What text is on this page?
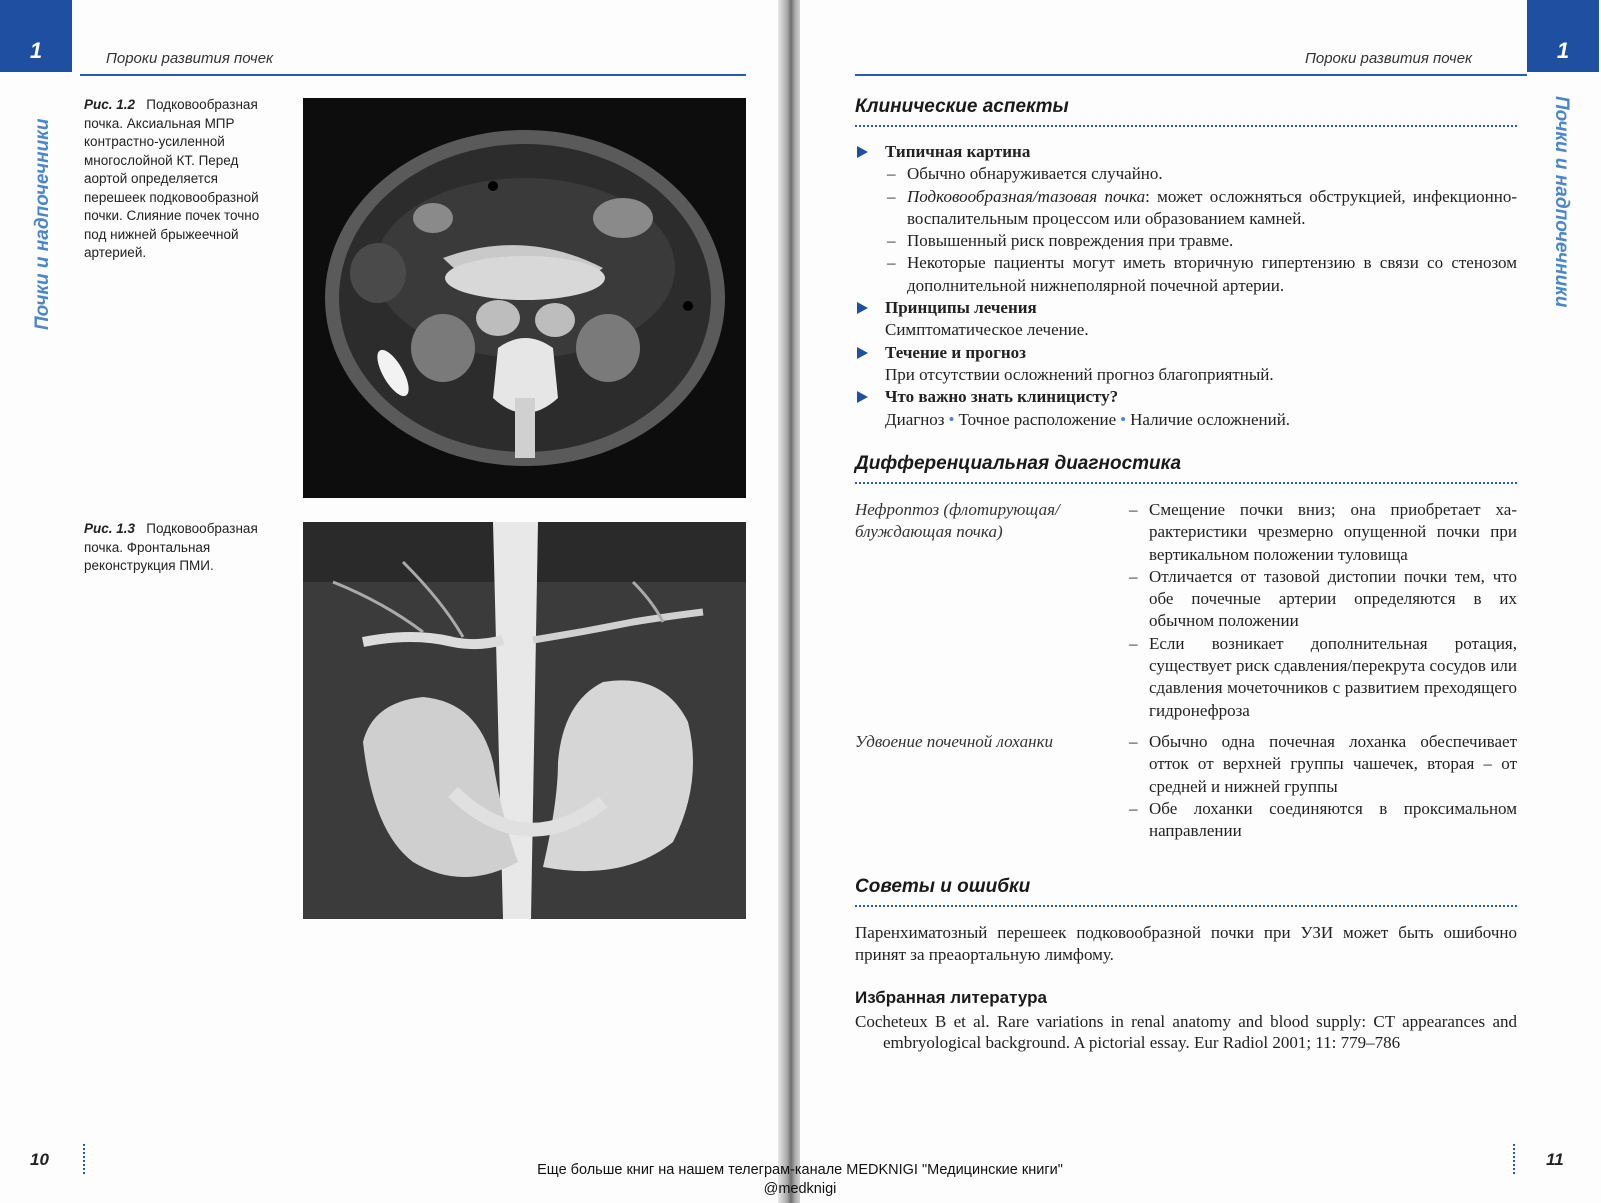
1	Пороки развития почек
Почки и надпочечники
Рис. 1.2 Подковообразная почка. Аксиальная МПР контрастно-усиленной многослойной КТ. Перед аортой определяется перешеек подковообразной почки. Слияние почек точно под нижней брыжеечной артерией.
Рис. 1.3 Подковообразная почка. Фронтальная реконструкция ПМИ.
10
1
Пороки развития почек
Почки и надпочечники
Клинические аспекты
Типичная картина
– Обычно обнаруживается случайно.
– Подковообразная/тазовая почка: может осложняться обструкцией, инфекционно-воспалительным процессом или образованием камней.
– Повышенный риск повреждения при травме.
– Некоторые пациенты могут иметь вторичную гипертензию в связи со стенозом дополнительной нижнеполярной почечной артерии.
Принципы лечения
Симптоматическое лечение.
Течение и прогноз
При отсутствии осложнений прогноз благоприятный.
Что важно знать клиницисту?
Диагноз • Точное расположение • Наличие осложнений.
Дифференциальная диагностика
Нефроптоз (флотирующая/блуждающая почка)
– Смещение почки вниз; она приобретает характеристики чрезмерно опущенной почки при вертикальном положении туловища
– Отличается от тазовой дистопии почки тем, что обе почечные артерии определяются в их обычном положении
– Если возникает дополнительная ротация, существует риск сдавления/перекрута сосудов или сдавления мочеточников с развитием преходящего гидронефроза
Удвоение почечной лоханки
–	Обычно одна почечная лоханка обеспечивает отток от верхней группы чашечек, вторая – от средней и нижней группы
– Обе лоханки соединяются в проксимальном направлении
Советы и ошибки
Паренхиматозный перешеек подковообразной почки при УЗИ может быть ошибочно принят за преаортальную лимфому.
Избранная литература
Cocheteux B et al. Rare variations in renal anatomy and blood supply: CT appearances and embryological background. A pictorial essay. Eur Radiol 2001; 11: 779–786
11
Еще больше книг на нашем телеграм-канале MEDKNIGI "Медицинские книги"
@medknigi
